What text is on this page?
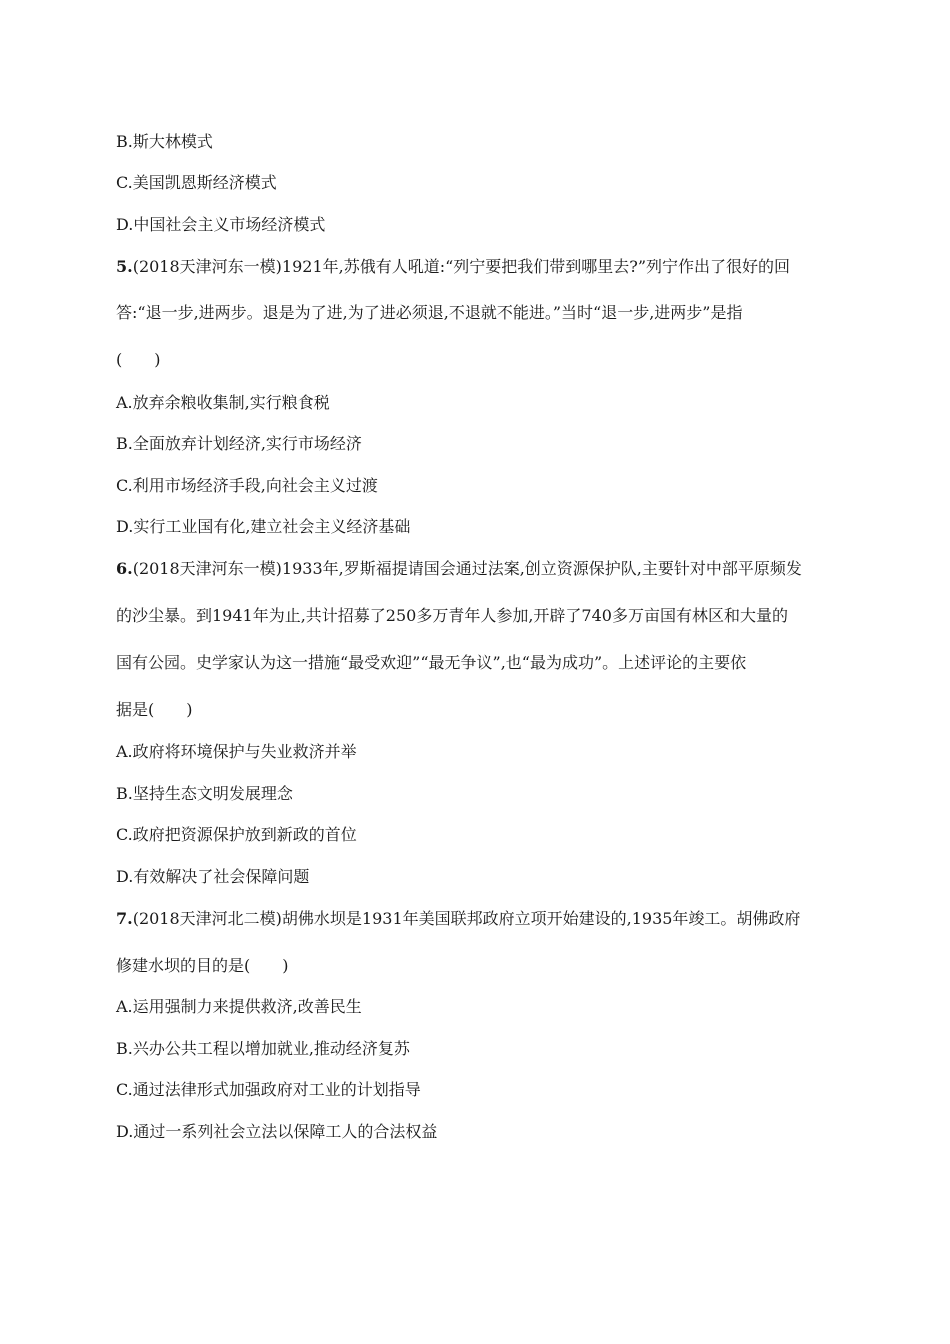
B.斯大林模式
C.美国凯恩斯经济模式
D.中国社会主义市场经济模式
5.(2018天津河东一模)1921年,苏俄有人吼道:“列宁要把我们带到哪里去?”列宁作出了很好的回
答:“退一步,进两步。退是为了进,为了进必须退,不退就不能进。”当时“退一步,进两步”是指
(　　)
A.放弃余粮收集制,实行粮食税
B.全面放弃计划经济,实行市场经济
C.利用市场经济手段,向社会主义过渡
D.实行工业国有化,建立社会主义经济基础
6.(2018天津河东一模)1933年,罗斯福提请国会通过法案,创立资源保护队,主要针对中部平原频发
的沙尘暴。到1941年为止,共计招募了250多万青年人参加,开辟了740多万亩国有林区和大量的
国有公园。史学家认为这一措施“最受欢迎”“最无争议”,也“最为成功”。上述评论的主要依
据是(　　)
A.政府将环境保护与失业救济并举
B.坚持生态文明发展理念
C.政府把资源保护放到新政的首位
D.有效解决了社会保障问题
7.(2018天津河北二模)胡佛水坝是1931年美国联邦政府立项开始建设的,1935年竣工。胡佛政府
修建水坝的目的是(　　)
A.运用强制力来提供救济,改善民生
B.兴办公共工程以增加就业,推动经济复苏
C.通过法律形式加强政府对工业的计划指导
D.通过一系列社会立法以保障工人的合法权益
